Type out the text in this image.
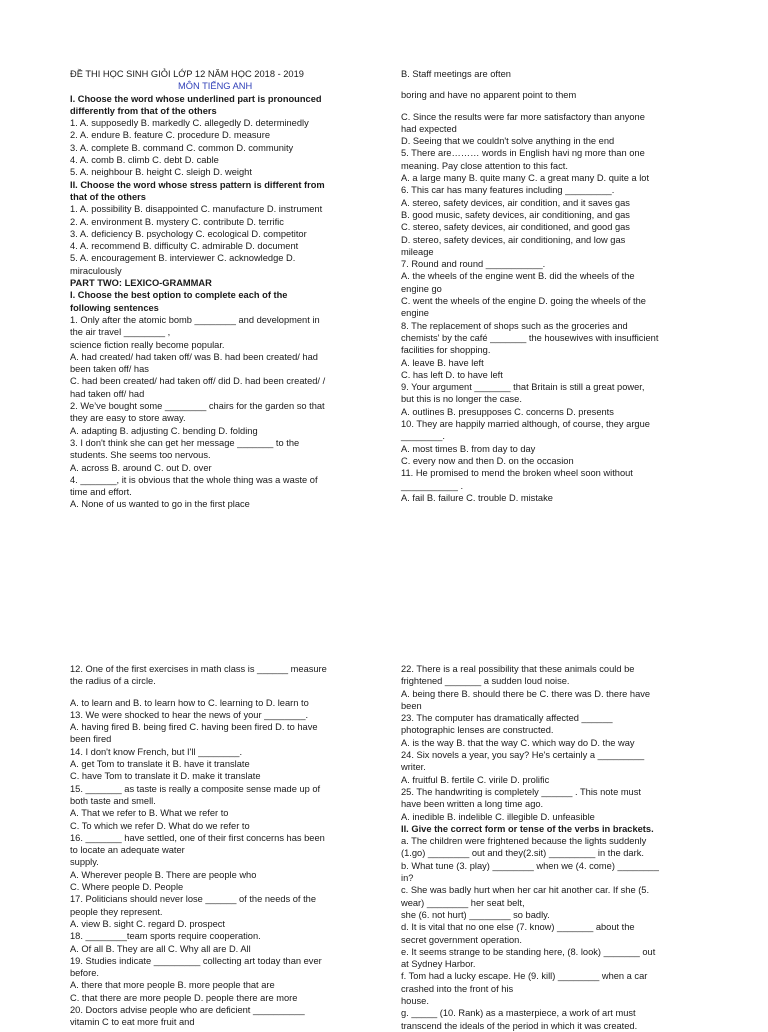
ĐỀ THI HỌC SINH GIỎI LỚP 12 NĂM HỌC 2018 - 2019

MÔN TIẾNG ANH

I. Choose the word whose underlined part is pronounced

differently from that of the others

1. A. supposedly B. markedly C. allegedly D. determinedly

2. A. endure B. feature C. procedure D. measure

3. A. complete B. command C. common D. community

4. A. comb B. climb C. debt D. cable

5. A. neighbour B. height C. sleigh D. weight

II. Choose the word whose stress pattern is different from

that of the others

1. A. possibility B. disappointed C. manufacture D. instrument

2. A. environment B. mystery C. contribute D. terrific

3. A. deficiency B. psychology C. ecological D. competitor

4. A. recommend B. difficulty C. admirable D. document

5. A. encouragement B. interviewer C. acknowledge D.

miraculously

PART TWO: LEXICO-GRAMMAR

I. Choose the best option to complete each of the

following sentences

1. Only after the atomic bomb ________ and development in

the air travel ________ ,

science fiction really become popular.

A. had created/ had taken off/ was B. had been created/ had

been taken off/ has

C. had been created/ had taken off/ did D. had been created/ /

had taken off/ had

2. We’ve bought some ________ chairs for the garden so that

they are easy to store away.

A. adapting B. adjusting C. bending D. folding

3. I don't think she can get her message _______ to the

students. She seems too nervous.

A. across B. around C. out D. over

4. _______, it is obvious that the whole thing was a waste of

time and effort.

A. None of us wanted to go in the first place

B. Staff meetings are often

boring and have no apparent point to them

C. Since the results were far more satisfactory than anyone

had expected

D. Seeing that we couldn't solve anything in the end

5. There are……… words in English havi ng more than one

meaning. Pay close attention to this fact.

A. a large many B. quite many C. a great many D. quite a lot

6. This car has many features including _________.

A. stereo, safety devices, air condition, and it saves gas

B. good music, safety devices, air conditioning, and gas

C. stereo, safety devices, air conditioned, and good gas

D. stereo, safety devices, air conditioning, and low gas

mileage

7. Round and round ___________.

A. the wheels of the engine went B. did the wheels of the

engine go

C. went the wheels of the engine D. going the wheels of the

engine

8. The replacement of shops such as the groceries and

chemists' by the café _______ the housewives with insufficient

facilities for shopping.

A. leave B. have left

C. has left D. to have left

9. Your argument _______ that Britain is still a great power,

but this is no longer the case.

A. outlines B. presupposes C. concerns D. presents

10. They are happily married although, of course, they argue

________.

A. most times B. from day to day

C. every now and then D. on the occasion

11. He promised to mend the broken wheel soon without

___________ .

A. fail B. failure C. trouble D. mistake

12. One of the first exercises in math class is ______ measure

the radius of a circle.

A. to learn and B. to learn how to C. learning to D. learn to

13. We were shocked to hear the news of your ________.

A. having fired B. being fired C. having been fired D. to have

been fired

14. I don't know French, but I'll ________.

A. get Tom to translate it B. have it translate

C. have Tom to translate it D. make it translate

15. _______ as taste is really a composite sense made up of

both taste and smell.

A. That we refer to B. What we refer to

C. To which we refer D. What do we refer to

16. _______ have settled, one of their first concerns has been

to locate an adequate water

supply.

A. Wherever people B. There are people who

C. Where people D. People

17. Politicians should never lose ______ of the needs of the

people they represent.

A. view B. sight C. regard D. prospect

18. ________team sports require cooperation.

A. Of all B. They are all C. Why all are D. All

19. Studies indicate _________ collecting art today than ever

before.

A. there that more people B. more people that are

C. that there are more people D. people there are more

20. Doctors advise people who are deficient __________

vitamin C to eat more fruit and

22. There is a real possibility that these animals could be

frightened _______ a sudden loud noise.

A. being there B. should there be C. there was D. there have

been

23. The computer has dramatically affected ______

photographic lenses are constructed.

A. is the way B. that the way C. which way do D. the way

24. Six novels a year, you say? He's certainly a _________

writer.

A. fruitful B. fertile C. virile D. prolific

25. The handwriting is completely ______ . This note must

have been written a long time ago.

A. inedible B. indelible C. illegible D. unfeasible

II. Give the correct form or tense of the verbs in brackets.

a. The children were frightened because the lights suddenly

(1.go) ________ out and they(2.sit) _________ in the dark.

b. What tune (3. play) ________ when we (4. come) ________

in?

c. She was badly hurt when her car hit another car. If she (5.

wear) ________ her seat belt,

she (6. not hurt) ________ so badly.

d. It is vital that no one else (7. know) _______ about the

secret government operation.

e. It seems strange to be standing here, (8. look) _______ out

at Sydney Harbor.

f. Tom had a lucky escape. He (9. kill) ________ when a car

crashed into the front of his

house.

g. _____ (10. Rank) as a masterpiece, a work of art must

transcend the ideals of the period in which it was created.
